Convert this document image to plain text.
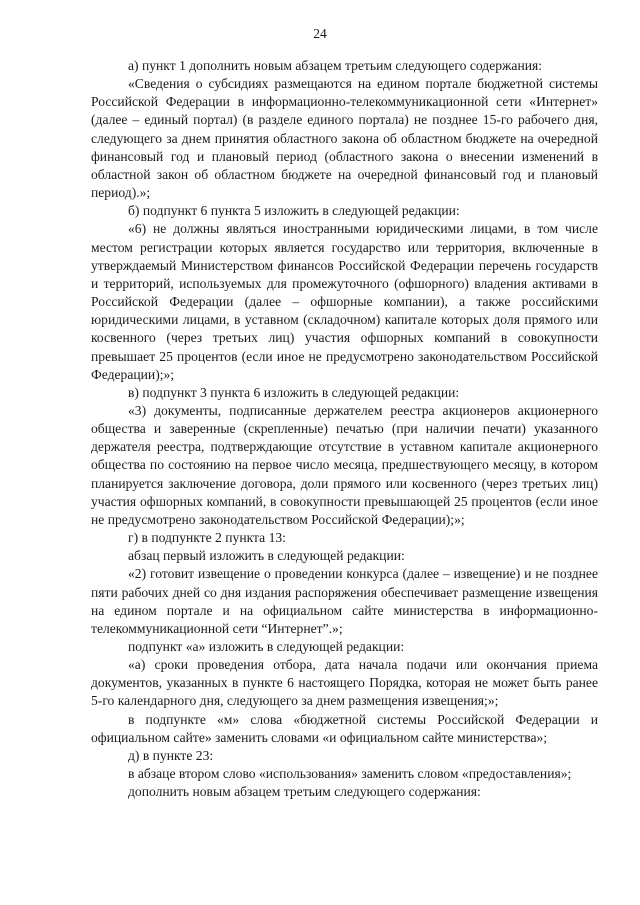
24

а) пункт 1 дополнить новым абзацем третьим следующего содержания:

«Сведения о субсидиях размещаются на едином портале бюджетной системы Российской Федерации в информационно-телекоммуникационной сети «Интернет» (далее – единый портал) (в разделе единого портала) не позднее 15-го рабочего дня, следующего за днем принятия областного закона об областном бюджете на очередной финансовый год и плановый период (областного закона о внесении изменений в областной закон об областном бюджете на очередной финансовый год и плановый период).»;

б) подпункт 6 пункта 5 изложить в следующей редакции:

«6) не должны являться иностранными юридическими лицами, в том числе местом регистрации которых является государство или территория, включенные в утверждаемый Министерством финансов Российской Федерации перечень государств и территорий, используемых для промежуточного (офшорного) владения активами в Российской Федерации (далее – офшорные компании), а также российскими юридическими лицами, в уставном (складочном) капитале которых доля прямого или косвенного (через третьих лиц) участия офшорных компаний в совокупности превышает 25 процентов (если иное не предусмотрено законодательством Российской Федерации);»;

в) подпункт 3 пункта 6 изложить в следующей редакции:

«3) документы, подписанные держателем реестра акционеров акционерного общества и заверенные (скрепленные) печатью (при наличии печати) указанного держателя реестра, подтверждающие отсутствие в уставном капитале акционерного общества по состоянию на первое число месяца, предшествующего месяцу, в котором планируется заключение договора, доли прямого или косвенного (через третьих лиц) участия офшорных компаний, в совокупности превышающей 25 процентов (если иное не предусмотрено законодательством Российской Федерации);»;

г) в подпункте 2 пункта 13:

абзац первый изложить в следующей редакции:

«2) готовит извещение о проведении конкурса (далее – извещение) и не позднее пяти рабочих дней со дня издания распоряжения обеспечивает размещение извещения на едином портале и на официальном сайте министерства в информационно-телекоммуникационной сети “Интернет”.»;

подпункт «а» изложить в следующей редакции:

«а) сроки проведения отбора, дата начала подачи или окончания приема документов, указанных в пункте 6 настоящего Порядка, которая не может быть ранее 5-го календарного дня, следующего за днем размещения извещения;»;

в подпункте «м» слова «бюджетной системы Российской Федерации и официальном сайте» заменить словами «и официальном сайте министерства»;

д) в пункте 23:

в абзаце втором слово «использования» заменить словом «предоставления»;

дополнить новым абзацем третьим следующего содержания:
